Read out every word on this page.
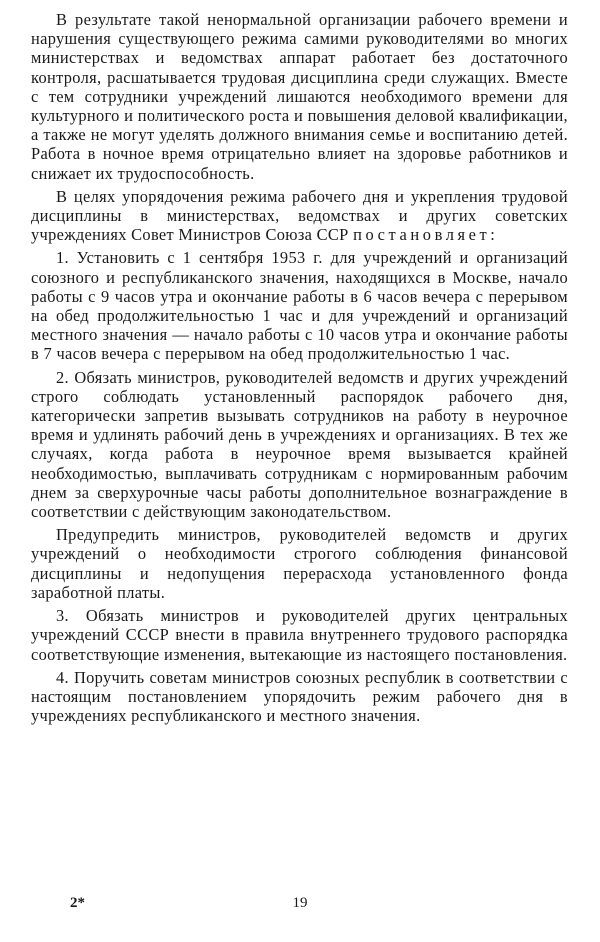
В результате такой ненормальной организации рабочего времени и нарушения существующего режима самими руководителями во многих министерствах и ведомствах аппарат работает без достаточного контроля, расшатывается трудовая дисциплина среди служащих. Вместе с тем сотрудники учреждений лишаются необходимого времени для культурного и политического роста и повышения деловой квалификации, а также не могут уделять должного внимания семье и воспитанию детей. Работа в ночное время отрицательно влияет на здоровье работников и снижает их трудоспособность.

В целях упорядочения режима рабочего дня и укрепления трудовой дисциплины в министерствах, ведомствах и других советских учреждениях Совет Министров Союза ССР постановляет:

1. Установить с 1 сентября 1953 г. для учреждений и организаций союзного и республиканского значения, находящихся в Москве, начало работы с 9 часов утра и окончание работы в 6 часов вечера с перерывом на обед продолжительностью 1 час и для учреждений и организаций местного значения — начало работы с 10 часов утра и окончание работы в 7 часов вечера с перерывом на обед продолжительностью 1 час.

2. Обязать министров, руководителей ведомств и других учреждений строго соблюдать установленный распорядок рабочего дня, категорически запретив вызывать сотрудников на работу в неурочное время и удлинять рабочий день в учреждениях и организациях. В тех же случаях, когда работа в неурочное время вызывается крайней необходимостью, выплачивать сотрудникам с нормированным рабочим днем за сверхурочные часы работы дополнительное вознаграждение в соответствии с действующим законодательством.

Предупредить министров, руководителей ведомств и других учреждений о необходимости строгого соблюдения финансовой дисциплины и недопущения перерасхода установленного фонда заработной платы.

3. Обязать министров и руководителей других центральных учреждений СССР внести в правила внутреннего трудового распорядка соответствующие изменения, вытекающие из настоящего постановления.

4. Поручить советам министров союзных республик в соответствии с настоящим постановлением упорядочить режим рабочего дня в учреждениях республиканского и местного значения.

2*	19
